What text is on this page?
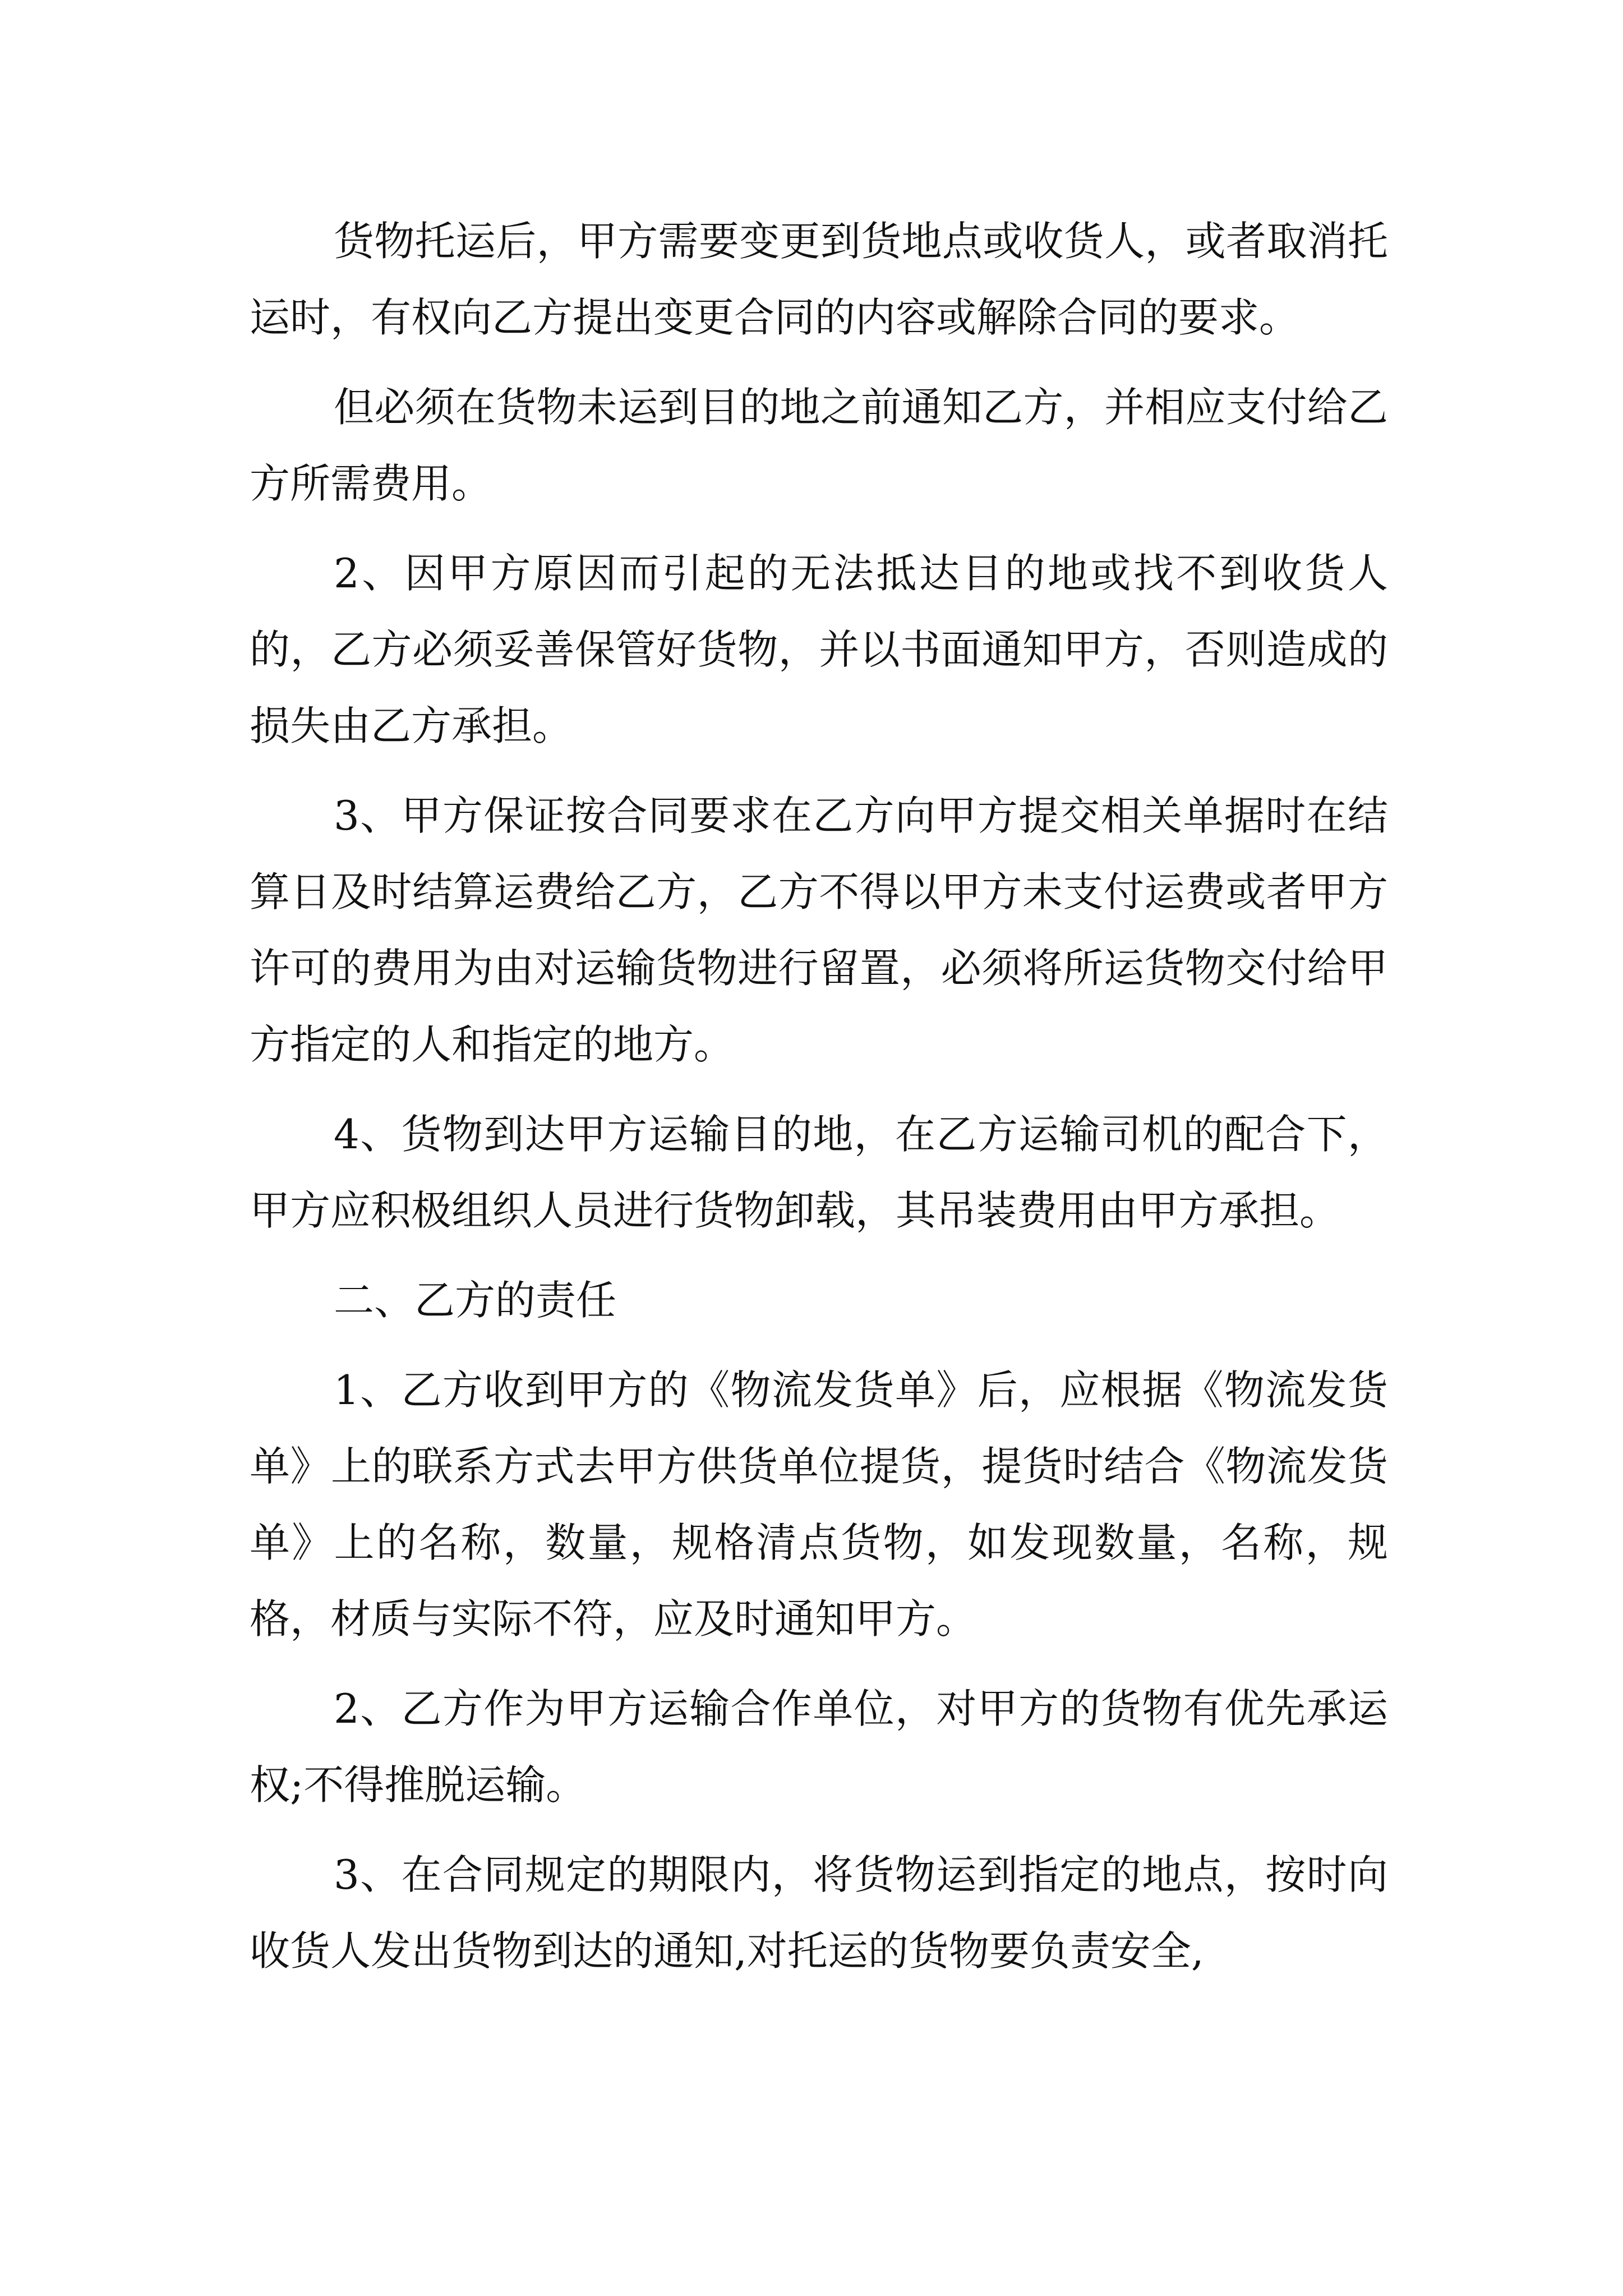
货物托运后，甲方需要变更到货地点或收货人，或者取消托运时，有权向乙方提出变更合同的内容或解除合同的要求。

但必须在货物未运到目的地之前通知乙方，并相应支付给乙方所需费用。

2、因甲方原因而引起的无法抵达目的地或找不到收货人的，乙方必须妥善保管好货物，并以书面通知甲方，否则造成的损失由乙方承担。

3、甲方保证按合同要求在乙方向甲方提交相关单据时在结算日及时结算运费给乙方，乙方不得以甲方未支付运费或者甲方许可的费用为由对运输货物进行留置，必须将所运货物交付给甲方指定的人和指定的地方。

4、货物到达甲方运输目的地，在乙方运输司机的配合下，甲方应积极组织人员进行货物卸载，其吊装费用由甲方承担。

二、乙方的责任

1、乙方收到甲方的《物流发货单》后，应根据《物流发货单》上的联系方式去甲方供货单位提货，提货时结合《物流发货单》上的名称，数量，规格清点货物，如发现数量，名称，规格，材质与实际不符，应及时通知甲方。

2、乙方作为甲方运输合作单位，对甲方的货物有优先承运权;不得推脱运输。

3、在合同规定的期限内，将货物运到指定的地点，按时向收货人发出货物到达的通知,对托运的货物要负责安全,
